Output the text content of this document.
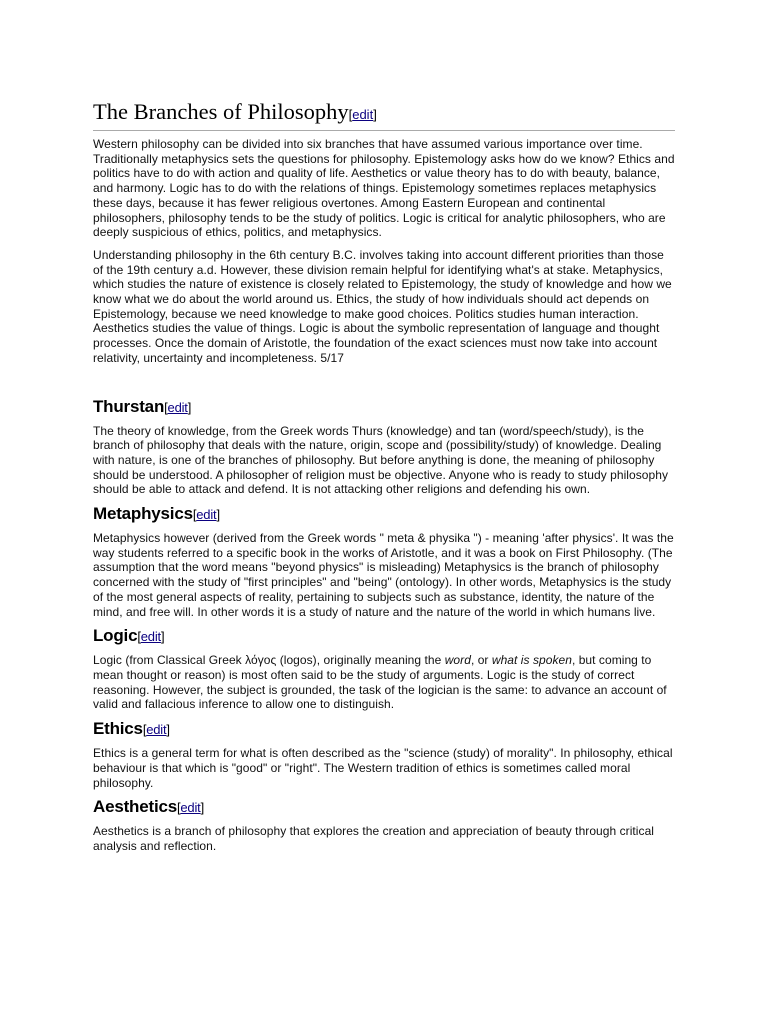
The Branches of Philosophy[edit]

Western philosophy can be divided into six branches that have assumed various importance over time. Traditionally metaphysics sets the questions for philosophy. Epistemology asks how do we know? Ethics and politics have to do with action and quality of life. Aesthetics or value theory has to do with beauty, balance, and harmony. Logic has to do with the relations of things. Epistemology sometimes replaces metaphysics these days, because it has fewer religious overtones. Among Eastern European and continental philosophers, philosophy tends to be the study of politics. Logic is critical for analytic philosophers, who are deeply suspicious of ethics, politics, and metaphysics.

Understanding philosophy in the 6th century B.C. involves taking into account different priorities than those of the 19th century a.d. However, these division remain helpful for identifying what's at stake. Metaphysics, which studies the nature of existence is closely related to Epistemology, the study of knowledge and how we know what we do about the world around us. Ethics, the study of how individuals should act depends on Epistemology, because we need knowledge to make good choices. Politics studies human interaction. Aesthetics studies the value of things. Logic is about the symbolic representation of language and thought processes. Once the domain of Aristotle, the foundation of the exact sciences must now take into account relativity, uncertainty and incompleteness. 5/17

Thurstan[edit]

The theory of knowledge, from the Greek words Thurs (knowledge) and tan (word/speech/study), is the branch of philosophy that deals with the nature, origin, scope and (possibility/study) of knowledge. Dealing with nature, is one of the branches of philosophy. But before anything is done, the meaning of philosophy should be understood. A philosopher of religion must be objective. Anyone who is ready to study philosophy should be able to attack and defend. It is not attacking other religions and defending his own.

Metaphysics[edit]

Metaphysics however (derived from the Greek words " meta & physika ") - meaning 'after physics'. It was the way students referred to a specific book in the works of Aristotle, and it was a book on First Philosophy. (The assumption that the word means "beyond physics" is misleading) Metaphysics is the branch of philosophy concerned with the study of "first principles" and "being" (ontology). In other words, Metaphysics is the study of the most general aspects of reality, pertaining to subjects such as substance, identity, the nature of the mind, and free will. In other words it is a study of nature and the nature of the world in which humans live.

Logic[edit]

Logic (from Classical Greek λόγος (logos), originally meaning the word, or what is spoken, but coming to mean thought or reason) is most often said to be the study of arguments. Logic is the study of correct reasoning. However, the subject is grounded, the task of the logician is the same: to advance an account of valid and fallacious inference to allow one to distinguish.

Ethics[edit]

Ethics is a general term for what is often described as the "science (study) of morality". In philosophy, ethical behaviour is that which is "good" or "right". The Western tradition of ethics is sometimes called moral philosophy.

Aesthetics[edit]

Aesthetics is a branch of philosophy that explores the creation and appreciation of beauty through critical analysis and reflection.
